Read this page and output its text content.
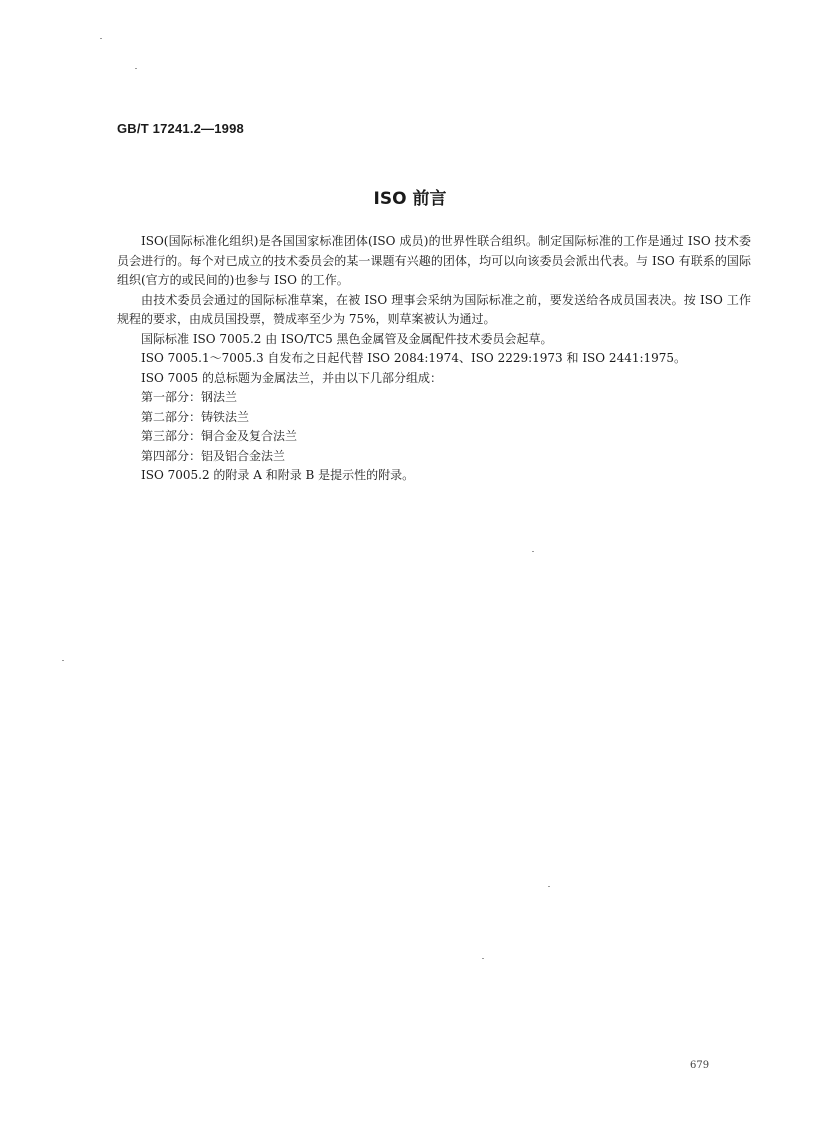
GB/T 17241.2—1998
ISO 前言

ISO(国际标准化组织)是各国国家标准团体(ISO 成员)的世界性联合组织。制定国际标准的工作是通过 ISO 技术委员会进行的。每个对已成立的技术委员会的某一课题有兴趣的团体，均可以向该委员会派出代表。与 ISO 有联系的国际组织(官方的或民间的)也参与 ISO 的工作。

由技术委员会通过的国际标准草案，在被 ISO 理事会采纳为国际标准之前，要发送给各成员国表决。按 ISO 工作规程的要求，由成员国投票，赞成率至少为 75%，则草案被认为通过。

国际标准 ISO 7005.2 由 ISO/TC5 黑色金属管及金属配件技术委员会起草。

ISO 7005.1～7005.3 自发布之日起代替 ISO 2084:1974、ISO 2229:1973 和 ISO 2441:1975。

ISO 7005 的总标题为金属法兰，并由以下几部分组成：

第一部分：钢法兰

第二部分：铸铁法兰

第三部分：铜合金及复合法兰

第四部分：铝及铝合金法兰

ISO 7005.2 的附录 A 和附录 B 是提示性的附录。

679
